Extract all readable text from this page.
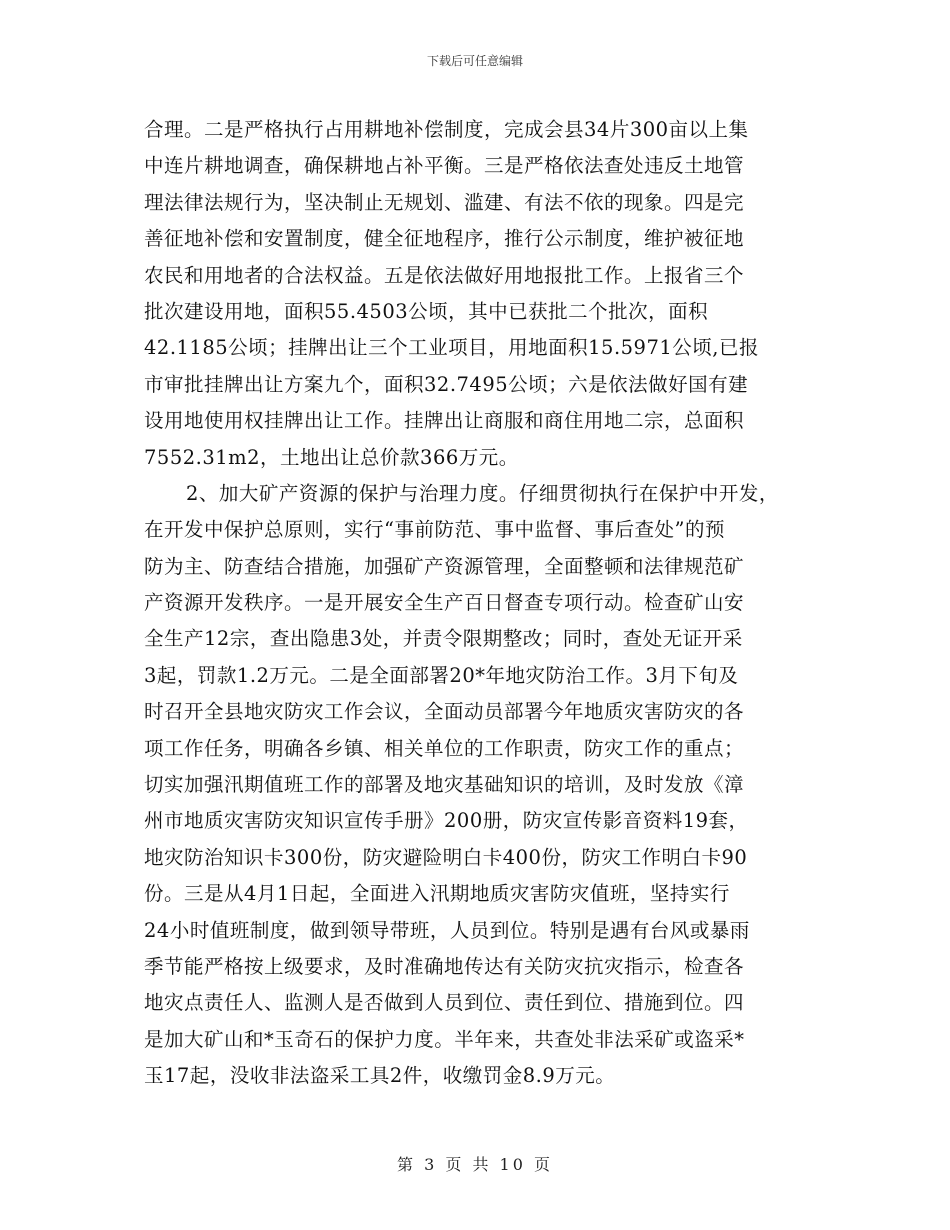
下载后可任意编辑
合理。二是严格执行占用耕地补偿制度，完成会县34片300亩以上集
中连片耕地调查，确保耕地占补平衡。三是严格依法查处违反土地管
理法律法规行为，坚决制止无规划、滥建、有法不依的现象。四是完
善征地补偿和安置制度，健全征地程序，推行公示制度，维护被征地
农民和用地者的合法权益。五是依法做好用地报批工作。上报省三个
批次建设用地，面积55.4503公顷，其中已获批二个批次，面积
42.1185公顷；挂牌出让三个工业项目，用地面积15.5971公顷,已报
市审批挂牌出让方案九个，面积32.7495公顷；六是依法做好国有建
设用地使用权挂牌出让工作。挂牌出让商服和商住用地二宗，总面积
7552.31m2，土地出让总价款366万元。
2、加大矿产资源的保护与治理力度。仔细贯彻执行在保护中开发，
在开发中保护总原则，实行“事前防范、事中监督、事后查处”的预
防为主、防查结合措施，加强矿产资源管理，全面整顿和法律规范矿
产资源开发秩序。一是开展安全生产百日督查专项行动。检查矿山安
全生产12宗，查出隐患3处，并责令限期整改；同时，查处无证开采
3起，罚款1.2万元。二是全面部署20*年地灾防治工作。3月下旬及
时召开全县地灾防灾工作会议，全面动员部署今年地质灾害防灾的各
项工作任务，明确各乡镇、相关单位的工作职责，防灾工作的重点；
切实加强汛期值班工作的部署及地灾基础知识的培训，及时发放《漳
州市地质灾害防灾知识宣传手册》200册，防灾宣传影音资料19套，
地灾防治知识卡300份，防灾避险明白卡400份，防灾工作明白卡90
份。三是从4月1日起，全面进入汛期地质灾害防灾值班，坚持实行
24小时值班制度，做到领导带班，人员到位。特别是遇有台风或暴雨
季节能严格按上级要求，及时准确地传达有关防灾抗灾指示，检查各
地灾点责任人、监测人是否做到人员到位、责任到位、措施到位。四
是加大矿山和*玉奇石的保护力度。半年来，共查处非法采矿或盗采*
玉17起，没收非法盗采工具2件，收缴罚金8.9万元。
第 3 页 共 10 页
